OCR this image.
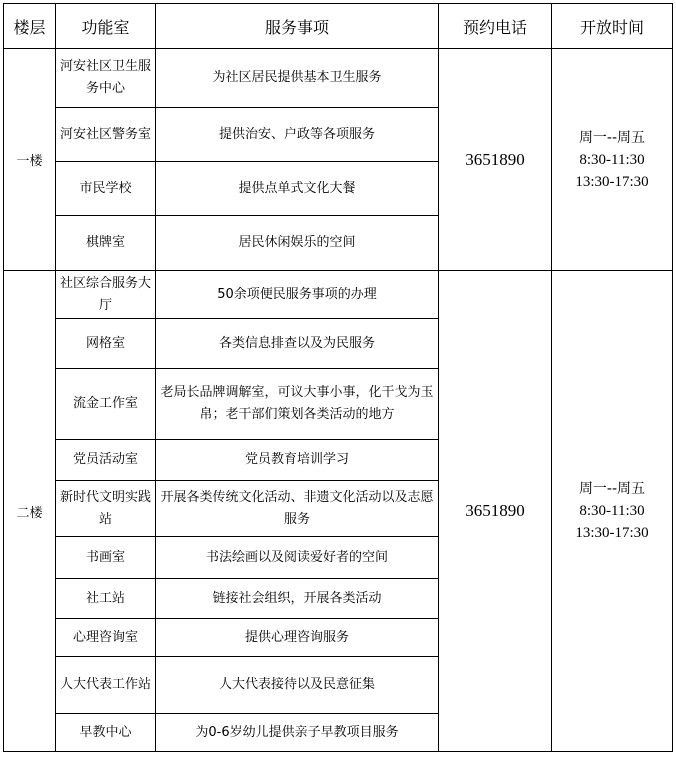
楼层	功能室	服务事项	预约电话	开放时间
一楼	河安社区卫生服务中心	为社区居民提供基本卫生服务	3651890	周一--周五
8:30-11:30
13:30-17:30

	河安社区警务室	提供治安、户政等各项服务		
	市民学校	提供点单式文化大餐		
	棋牌室	居民休闲娱乐的空间		
二楼	社区综合服务大厅	50余项便民服务事项的办理	3651890	周一--周五
8:30-11:30
13:30-17:30

	网格室	各类信息排查以及为民服务		
	流金工作室	老局长品牌调解室，可议大事小事，化干戈为玉帛；老干部们策划各类活动的地方		
	党员活动室	党员教育培训学习		
	新时代文明实践站	开展各类传统文化活动、非遗文化活动以及志愿服务		
	书画室	书法绘画以及阅读爱好者的空间		
	社工站	链接社会组织，开展各类活动		
	心理咨询室	提供心理咨询服务		
	人大代表工作站	人大代表接待以及民意征集		
	早教中心	为0-6岁幼儿提供亲子早教项目服务		
